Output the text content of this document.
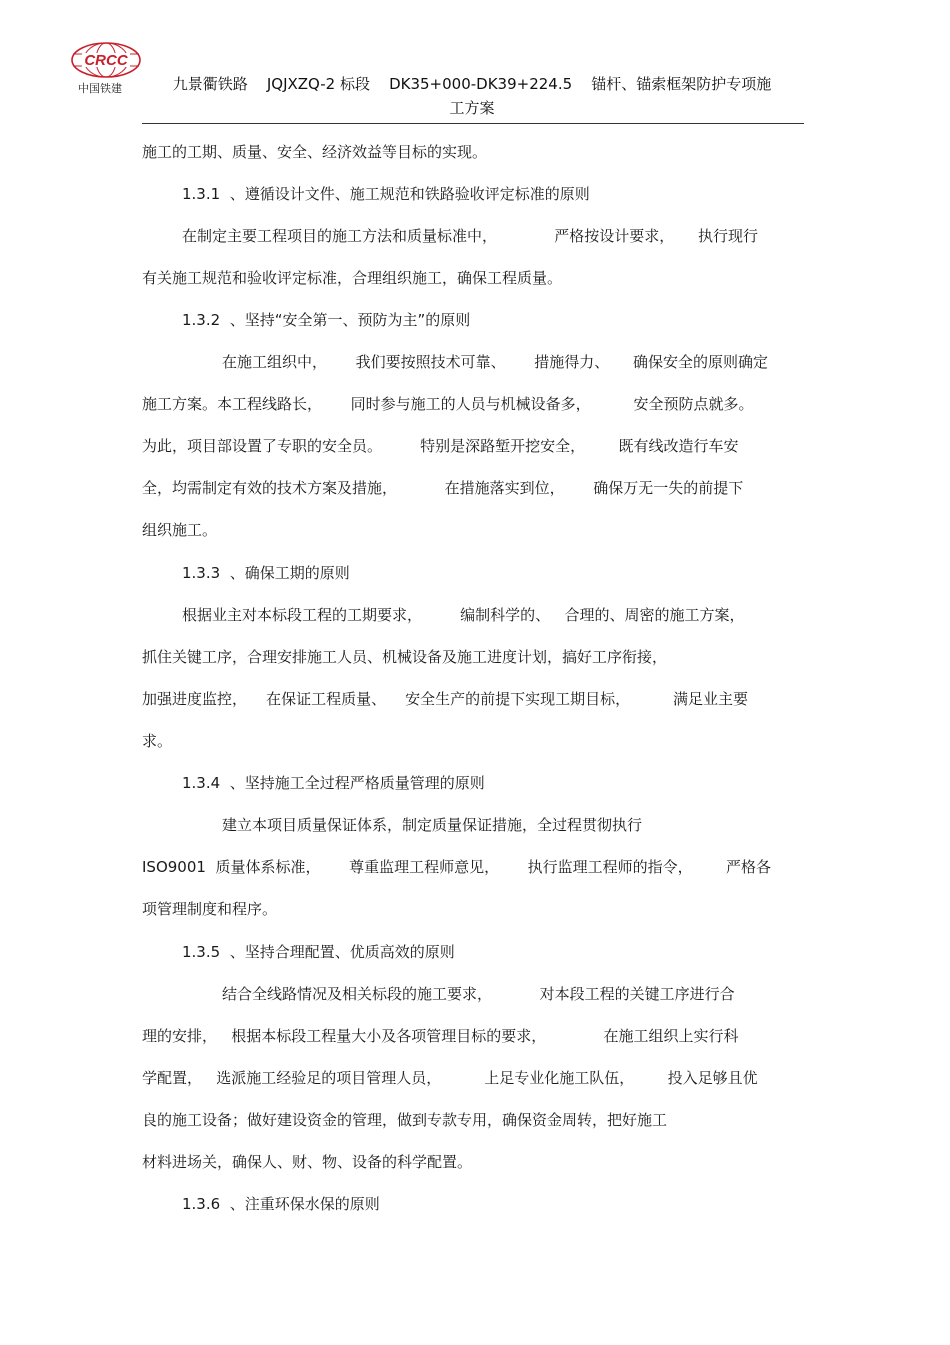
CRCC
中国铁建	九景衢铁路    JQJXZQ-2 标段    DK35+000-DK39+224.5    锚杆、锚索框架防护专项施
工方案
施工的工期、质量、安全、经济效益等目标的实现。
1.3.1  、遵循设计文件、施工规范和铁路验收评定标准的原则
在制定主要工程项目的施工方法和质量标准中，            严格按设计要求，     执行现行
有关施工规范和验收评定标准，合理组织施工，确保工程质量。
1.3.2  、坚持“安全第一、预防为主”的原则
在施工组织中，      我们要按照技术可靠、      措施得力、     确保安全的原则确定
施工方案。本工程线路长，      同时参与施工的人员与机械设备多，         安全预防点就多。
为此，项目部设置了专职的安全员。        特别是深路堑开挖安全，       既有线改造行车安
全，均需制定有效的技术方案及措施，          在措施落实到位，      确保万无一失的前提下
组织施工。
1.3.3  、确保工期的原则
根据业主对本标段工程的工期要求，        编制科学的、   合理的、周密的施工方案，
抓住关键工序，合理安排施工人员、机械设备及施工进度计划，搞好工序衔接，
加强进度监控，    在保证工程质量、    安全生产的前提下实现工期目标，         满足业主要
求。
1.3.4  、坚持施工全过程严格质量管理的原则
建立本项目质量保证体系，制定质量保证措施，全过程贯彻执行
ISO9001  质量体系标准，      尊重监理工程师意见，      执行监理工程师的指令，       严格各
项管理制度和程序。
1.3.5  、坚持合理配置、优质高效的原则
结合全线路情况及相关标段的施工要求，          对本段工程的关键工序进行合
理的安排，   根据本标段工程量大小及各项管理目标的要求，            在施工组织上实行科
学配置，   选派施工经验足的项目管理人员，         上足专业化施工队伍，       投入足够且优
良的施工设备；做好建设资金的管理，做到专款专用，确保资金周转，把好施工
材料进场关，确保人、财、物、设备的科学配置。
1.3.6  、注重环保水保的原则
